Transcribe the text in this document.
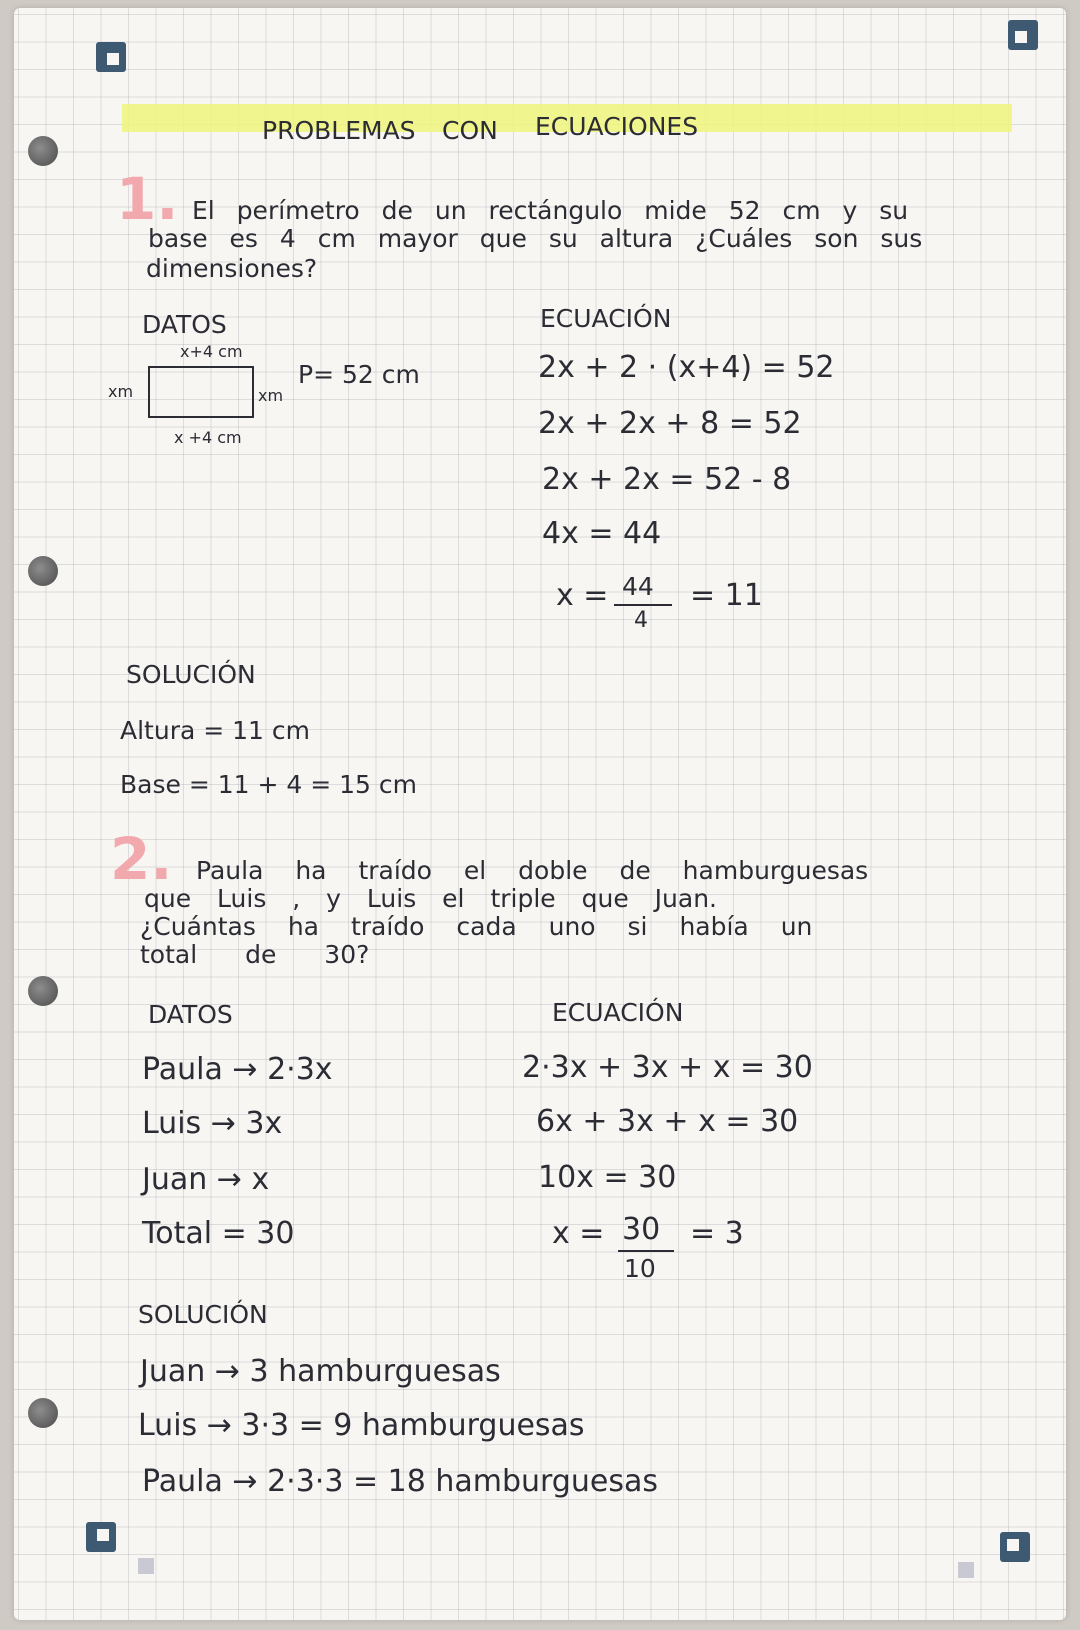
PROBLEMAS CON ECUACIONES
1. El perímetro de un rectángulo mide 52 cm y su
base es 4 cm mayor que su altura ¿Cuáles son sus
dimensiones?
DATOS
x+4 cm
xm	xm
x +4 cm
P= 52 cm
ECUACIÓN
2x + 2 · (x+4) = 52
2x + 2x + 8 = 52
2x + 2x = 52 - 8
4x = 44
x = 44
4
= 11
SOLUCIÓN
Altura = 11 cm
Base = 11 + 4 = 15 cm
2. Paula ha traído el doble de hamburguesas
que Luis , y Luis el triple que Juan.
¿Cuántas ha traído cada uno si había un
total de 30?
DATOS
Paula → 2·3x
Luis → 3x
Juan → x
Total = 30
ECUACIÓN
2·3x + 3x + x = 30
6x + 3x + x = 30
10x = 30
x = 30
10
= 3
SOLUCIÓN
Juan → 3 hamburguesas
Luis → 3·3 = 9 hamburguesas
Paula → 2·3·3 = 18 hamburguesas
